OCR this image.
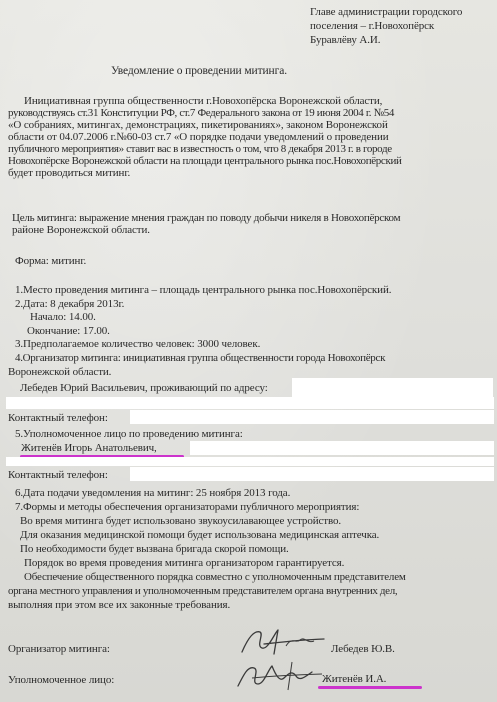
Главе администрации городского
поселения – г.Новохопёрск
Буравлёву А.И.
Уведомление о проведении митинга.
Инициативная группа общественности г.Новохопёрска Воронежской области,
руководствуясь ст.31 Конституции РФ, ст.7 Федерального закона от 19 июня 2004 г. №54
«О собраниях, митингах, демонстрациях, пикетированиях», законом Воронежской
области от 04.07.2006 г.№60-03 ст.7 «О порядке подачи уведомлений о проведении
публичного мероприятия» ставит вас в известность о том, что 8 декабря 2013 г. в городе
Новохопёрске Воронежской области на площади центрального рынка пос.Новохопёрский
будет проводиться митинг.
Цель митинга: выражение мнения граждан по поводу добычи никеля в Новохопёрском
районе Воронежской области.
Форма: митинг.
1.Место проведения митинга – площадь центрального рынка пос.Новохопёрский.
2.Дата: 8 декабря 2013г.
Начало: 14.00.
Окончание: 17.00.
3.Предполагаемое количество человек: 3000 человек.
4.Организатор митинга: инициативная группа общественности города Новохопёрск
Воронежской области.
Лебедев Юрий Васильевич, проживающий по адресу:
Контактный телефон:
5.Уполномоченное лицо по проведению митинга:
Житенёв Игорь Анатольевич,
Контактный телефон:
6.Дата подачи уведомления на митинг: 25 ноября 2013 года.
7.Формы и методы обеспечения организаторами публичного мероприятия:
Во время митинга будет использовано звукоусилавающее устройство.
Для оказания медицинской помощи будет использована медицинская аптечка.
По необходимости будет вызвана бригада скорой помощи.
Порядок во время проведения митинга организатором гарантируется.
Обеспечение общественного порядка совместно с уполномоченным представителем
органа местного управления и уполномоченным представителем органа внутренних дел,
выполняя при этом все их законные требования.
Организатор митинга:	Лебедев Ю.В.
Уполномоченное лицо:	Житенёв И.А.
